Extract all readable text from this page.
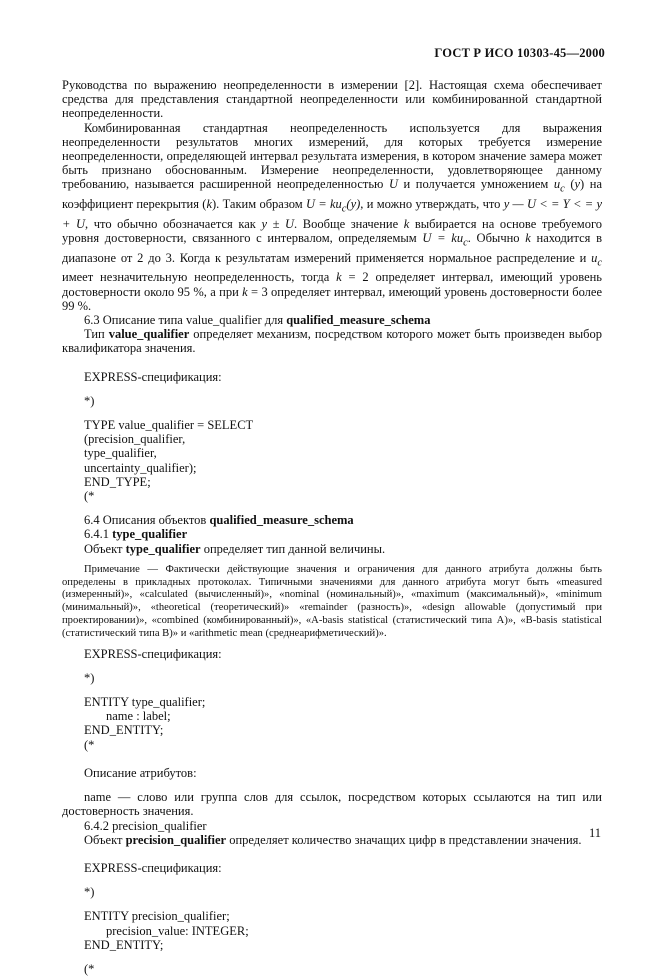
ГОСТ Р ИСО 10303-45—2000

Руководства по выражению неопределенности в измерении [2]. Настоящая схема обеспечивает средства для представления стандартной неопределенности или комбинированной стандартной неопределенности.

Комбинированная стандартная неопределенность используется для выражения неопределенности результатов многих измерений, для которых требуется измерение неопределенности, определяющей интервал результата измерения, в котором значение замера может быть признано обоснованным. Измерение неопределенности, удовлетворяющее данному требованию, называется расширенной неопределенностью U и получается умножением $u_c$ (y) на коэффициент перекрытия (k). Таким образом $U = ku_c(y)$, и можно утверждать, что y — U < = Y < = y + U, что обычно обозначается как y ± U. Вообще значение k выбирается на основе требуемого уровня достоверности, связанного с интервалом, определяемым $U = ku_c$. Обычно k находится в диапазоне от 2 до 3. Когда к результатам измерений применяется нормальное распределение и $u_c$ имеет незначительную неопределенность, тогда k = 2 определяет интервал, имеющий уровень достоверности около 95 %, а при k = 3 определяет интервал, имеющий уровень достоверности более 99 %.

6.3 Описание типа value_qualifier для qualified_measure_schema

Тип value_qualifier определяет механизм, посредством которого может быть произведен выбор квалификатора значения.

EXPRESS-спецификация:

*)

TYPE value_qualifier = SELECT
(precision_qualifier,
type_qualifier,
uncertainty_qualifier);
END_TYPE;
(*

6.4 Описания объектов qualified_measure_schema

6.4.1 type_qualifier

Объект type_qualifier определяет тип данной величины.

Примечание — Фактически действующие значения и ограничения для данного атрибута должны быть определены в прикладных протоколах. Типичными значениями для данного атрибута могут быть «measured (измеренный)», «calculated (вычисленный)», «nominal (номинальный)», «maximum (максимальный)», «minimum (минимальный)», «theoretical (теоретический)» «remainder (разность)», «design allowable (допустимый при проектировании)», «combined (комбинированный)», «A-basis statistical (статистический типа A)», «B-basis statistical (статистический типа B)» и «arithmetic mean (среднеарифметический)».

EXPRESS-спецификация:

*)

ENTITY type_qualifier;
name : label;
END_ENTITY;
(*

Описание атрибутов:

name — слово или группа слов для ссылок, посредством которых ссылаются на тип или достоверность значения.

6.4.2 precision_qualifier

Объект precision_qualifier определяет количество значащих цифр в представлении значения.

EXPRESS-спецификация:

*)

ENTITY precision_qualifier;
precision_value: INTEGER;
END_ENTITY;
(*
11
